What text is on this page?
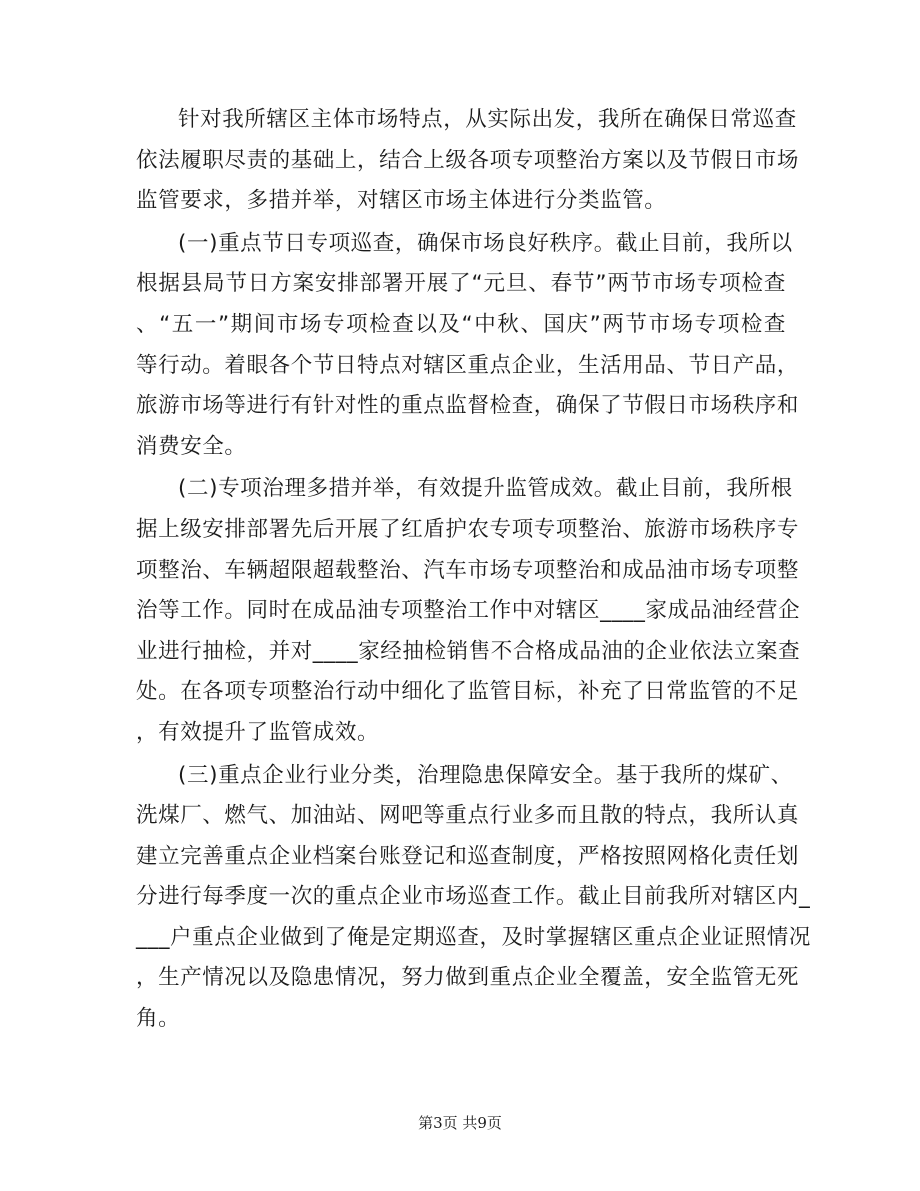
针对我所辖区主体市场特点，从实际出发，我所在确保日常巡查
依法履职尽责的基础上，结合上级各项专项整治方案以及节假日市场
监管要求，多措并举，对辖区市场主体进行分类监管。
(一)重点节日专项巡查，确保市场良好秩序。截止目前，我所以
根据县局节日方案安排部署开展了“元旦、春节”两节市场专项检查
、“五一”期间市场专项检查以及“中秋、国庆”两节市场专项检查
等行动。着眼各个节日特点对辖区重点企业，生活用品、节日产品，
旅游市场等进行有针对性的重点监督检查，确保了节假日市场秩序和
消费安全。
(二)专项治理多措并举，有效提升监管成效。截止目前，我所根
据上级安排部署先后开展了红盾护农专项专项整治、旅游市场秩序专
项整治、车辆超限超载整治、汽车市场专项整治和成品油市场专项整
治等工作。同时在成品油专项整治工作中对辖区____家成品油经营企
业进行抽检，并对____家经抽检销售不合格成品油的企业依法立案查
处。在各项专项整治行动中细化了监管目标，补充了日常监管的不足
，有效提升了监管成效。
(三)重点企业行业分类，治理隐患保障安全。基于我所的煤矿、
洗煤厂、燃气、加油站、网吧等重点行业多而且散的特点，我所认真
建立完善重点企业档案台账登记和巡查制度，严格按照网格化责任划
分进行每季度一次的重点企业市场巡查工作。截止目前我所对辖区内_
___户重点企业做到了俺是定期巡查，及时掌握辖区重点企业证照情况
，生产情况以及隐患情况，努力做到重点企业全覆盖，安全监管无死
角。
第3页 共9页
